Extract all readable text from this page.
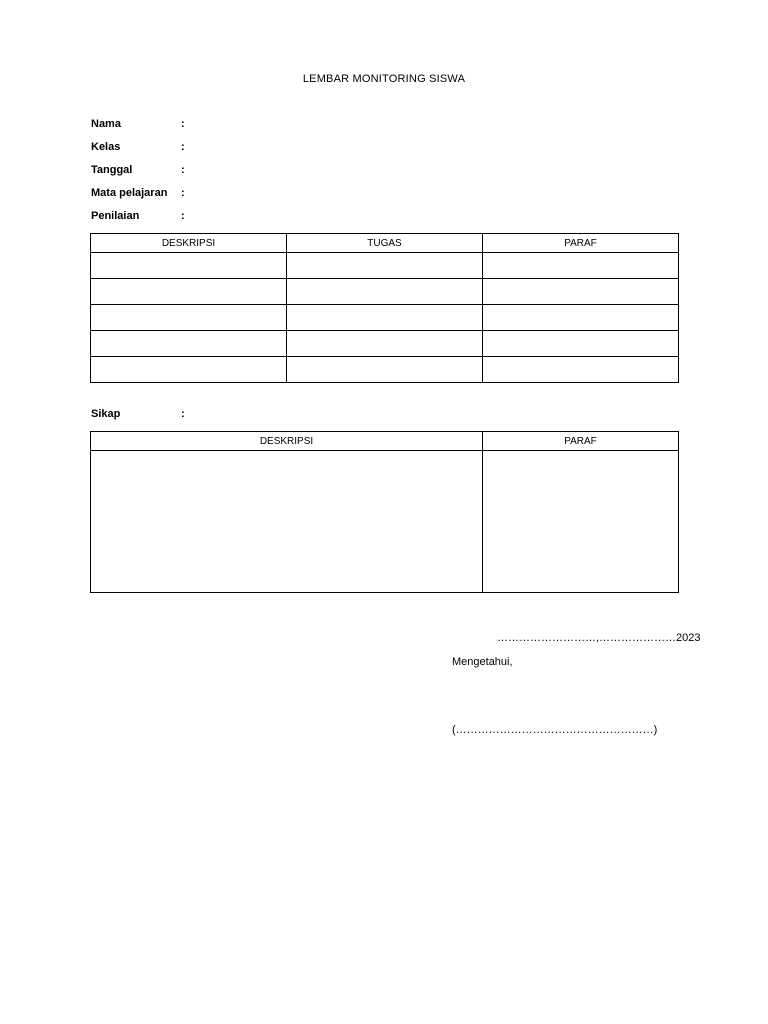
LEMBAR MONITORING SISWA
Nama	:
Kelas	:
Tanggal	:
Mata pelajaran :
Penilaian	:
DESKRIPSI	TUGAS	PARAF

Sikap	:
DESKRIPSI	PARAF

………………………,…………………2023
Mengetahui,
(………………………………………………)
